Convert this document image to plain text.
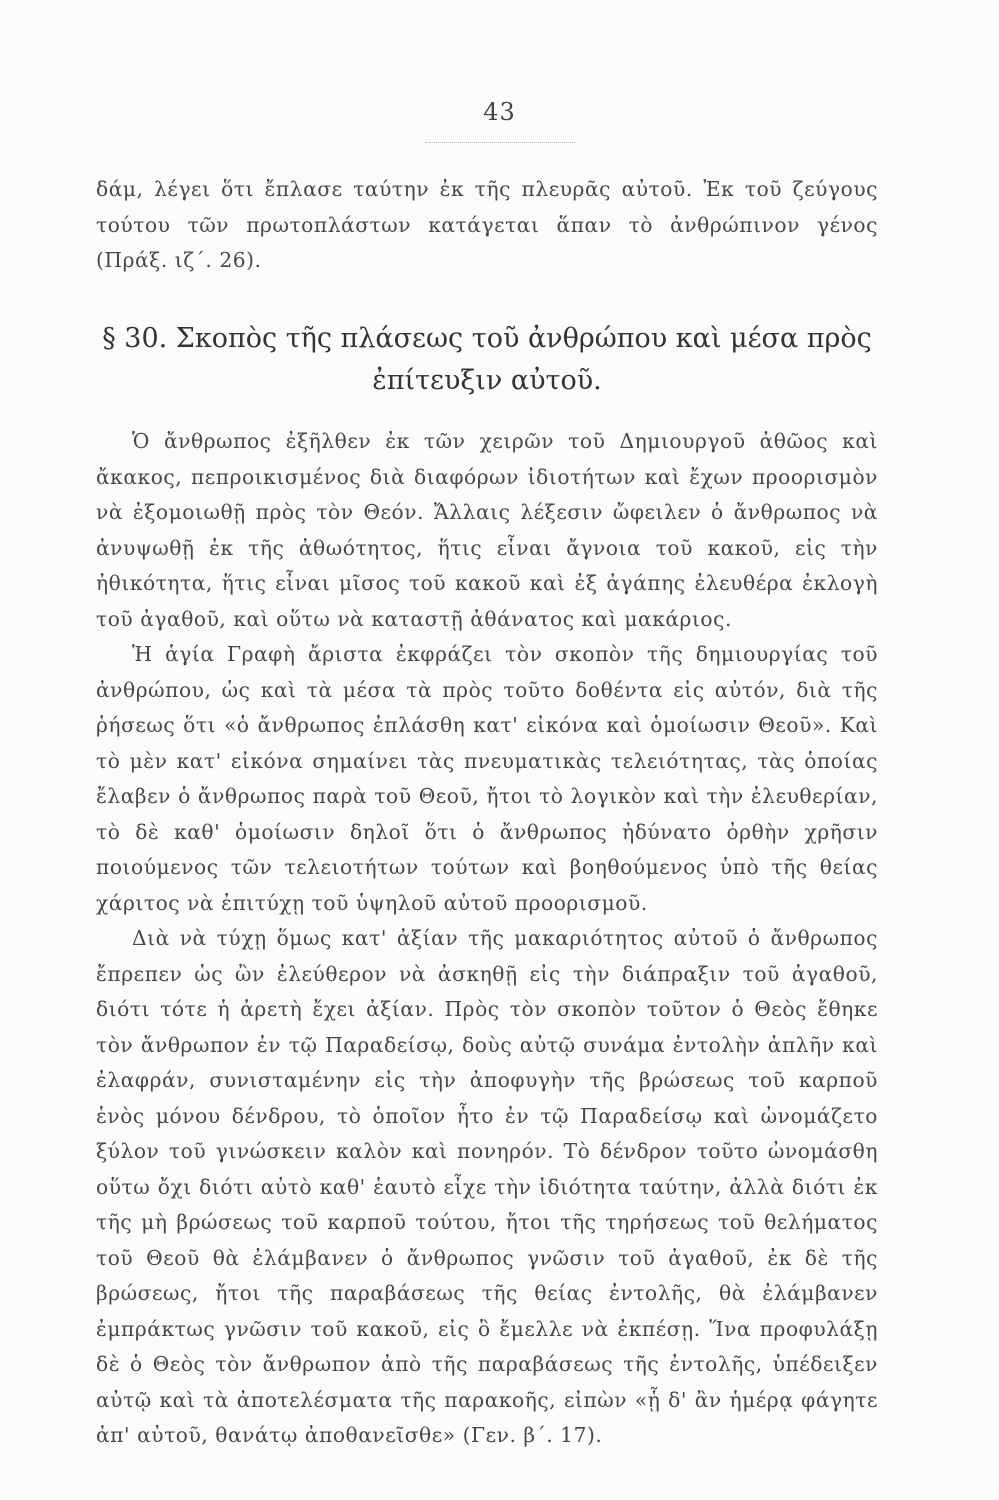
43

δάμ, λέγει ὅτι ἔπλασε ταύτην ἐκ τῆς πλευρᾶς αὐτοῦ. Ἐκ τοῦ ζεύγους τούτου τῶν πρωτοπλάστων κατάγεται ἅπαν τὸ ἀνθρώπινον γένος (Πράξ. ιζ΄. 26).

§ 30. Σκοπὸς τῆς πλάσεως τοῦ ἀνθρώπου καὶ μέσα πρὸς ἐπίτευξιν αὐτοῦ.

Ὁ ἄνθρωπος ἐξῆλθεν ἐκ τῶν χειρῶν τοῦ Δημιουργοῦ ἀθῶος καὶ ἄκακος, πεπροικισμένος διὰ διαφόρων ἰδιοτήτων καὶ ἔχων προορισμὸν νὰ ἐξομοιωθῇ πρὸς τὸν Θεόν. Ἄλλαις λέξεσιν ὤφειλεν ὁ ἄνθρωπος νὰ ἀνυψωθῇ ἐκ τῆς ἀθωότητος, ἥτις εἶναι ἄγνοια τοῦ κακοῦ, εἰς τὴν ἠθικότητα, ἥτις εἶναι μῖσος τοῦ κακοῦ καὶ ἐξ ἀγάπης ἐλευθέρα ἐκλογὴ τοῦ ἀγαθοῦ, καὶ οὕτω νὰ καταστῇ ἀθάνατος καὶ μακάριος.

Ἡ ἁγία Γραφὴ ἄριστα ἐκφράζει τὸν σκοπὸν τῆς δημιουργίας τοῦ ἀνθρώπου, ὡς καὶ τὰ μέσα τὰ πρὸς τοῦτο δοθέντα εἰς αὐτόν, διὰ τῆς ῥήσεως ὅτι «ὁ ἄνθρωπος ἐπλάσθη κατ' εἰκόνα καὶ ὁμοίωσιν Θεοῦ». Καὶ τὸ μὲν κατ' εἰκόνα σημαίνει τὰς πνευματικὰς τελειότητας, τὰς ὁποίας ἔλαβεν ὁ ἄνθρωπος παρὰ τοῦ Θεοῦ, ἤτοι τὸ λογικὸν καὶ τὴν ἐλευθερίαν, τὸ δὲ καθ' ὁμοίωσιν δηλοῖ ὅτι ὁ ἄνθρωπος ἠδύνατο ὀρθὴν χρῆσιν ποιούμενος τῶν τελειοτήτων τούτων καὶ βοηθούμενος ὑπὸ τῆς θείας χάριτος νὰ ἐπιτύχῃ τοῦ ὑψηλοῦ αὐτοῦ προορισμοῦ.

Διὰ νὰ τύχῃ ὅμως κατ' ἀξίαν τῆς μακαριότητος αὐτοῦ ὁ ἄνθρωπος ἔπρεπεν ὡς ὢν ἐλεύθερον νὰ ἀσκηθῇ εἰς τὴν διάπραξιν τοῦ ἀγαθοῦ, διότι τότε ἡ ἀρετὴ ἔχει ἀξίαν. Πρὸς τὸν σκοπὸν τοῦτον ὁ Θεὸς ἔθηκε τὸν ἄνθρωπον ἐν τῷ Παραδείσῳ, δοὺς αὐτῷ συνάμα ἐντολὴν ἁπλῆν καὶ ἐλαφράν, συνισταμένην εἰς τὴν ἀποφυγὴν τῆς βρώσεως τοῦ καρποῦ ἑνὸς μόνου δένδρου, τὸ ὁποῖον ἦτο ἐν τῷ Παραδείσῳ καὶ ὠνομάζετο ξύλον τοῦ γινώσκειν καλὸν καὶ πονηρόν. Τὸ δένδρον τοῦτο ὠνομάσθη οὕτω ὄχι διότι αὐτὸ καθ' ἑαυτὸ εἶχε τὴν ἰδιότητα ταύτην, ἀλλὰ διότι ἐκ τῆς μὴ βρώσεως τοῦ καρποῦ τούτου, ἤτοι τῆς τηρήσεως τοῦ θελήματος τοῦ Θεοῦ θὰ ἐλάμβανεν ὁ ἄνθρωπος γνῶσιν τοῦ ἀγαθοῦ, ἐκ δὲ τῆς βρώσεως, ἤτοι τῆς παραβάσεως τῆς θείας ἐντολῆς, θὰ ἐλάμβανεν ἐμπράκτως γνῶσιν τοῦ κακοῦ, εἰς ὃ ἔμελλε νὰ ἐκπέσῃ. Ἵνα προφυλάξῃ δὲ ὁ Θεὸς τὸν ἄνθρωπον ἀπὸ τῆς παραβάσεως τῆς ἐντολῆς, ὑπέδειξεν αὐτῷ καὶ τὰ ἀποτελέσματα τῆς παρακοῆς, εἰπὼν «ᾗ δ' ἂν ἡμέρᾳ φάγητε ἀπ' αὐτοῦ, θανάτῳ ἀποθανεῖσθε» (Γεν. β΄. 17).
